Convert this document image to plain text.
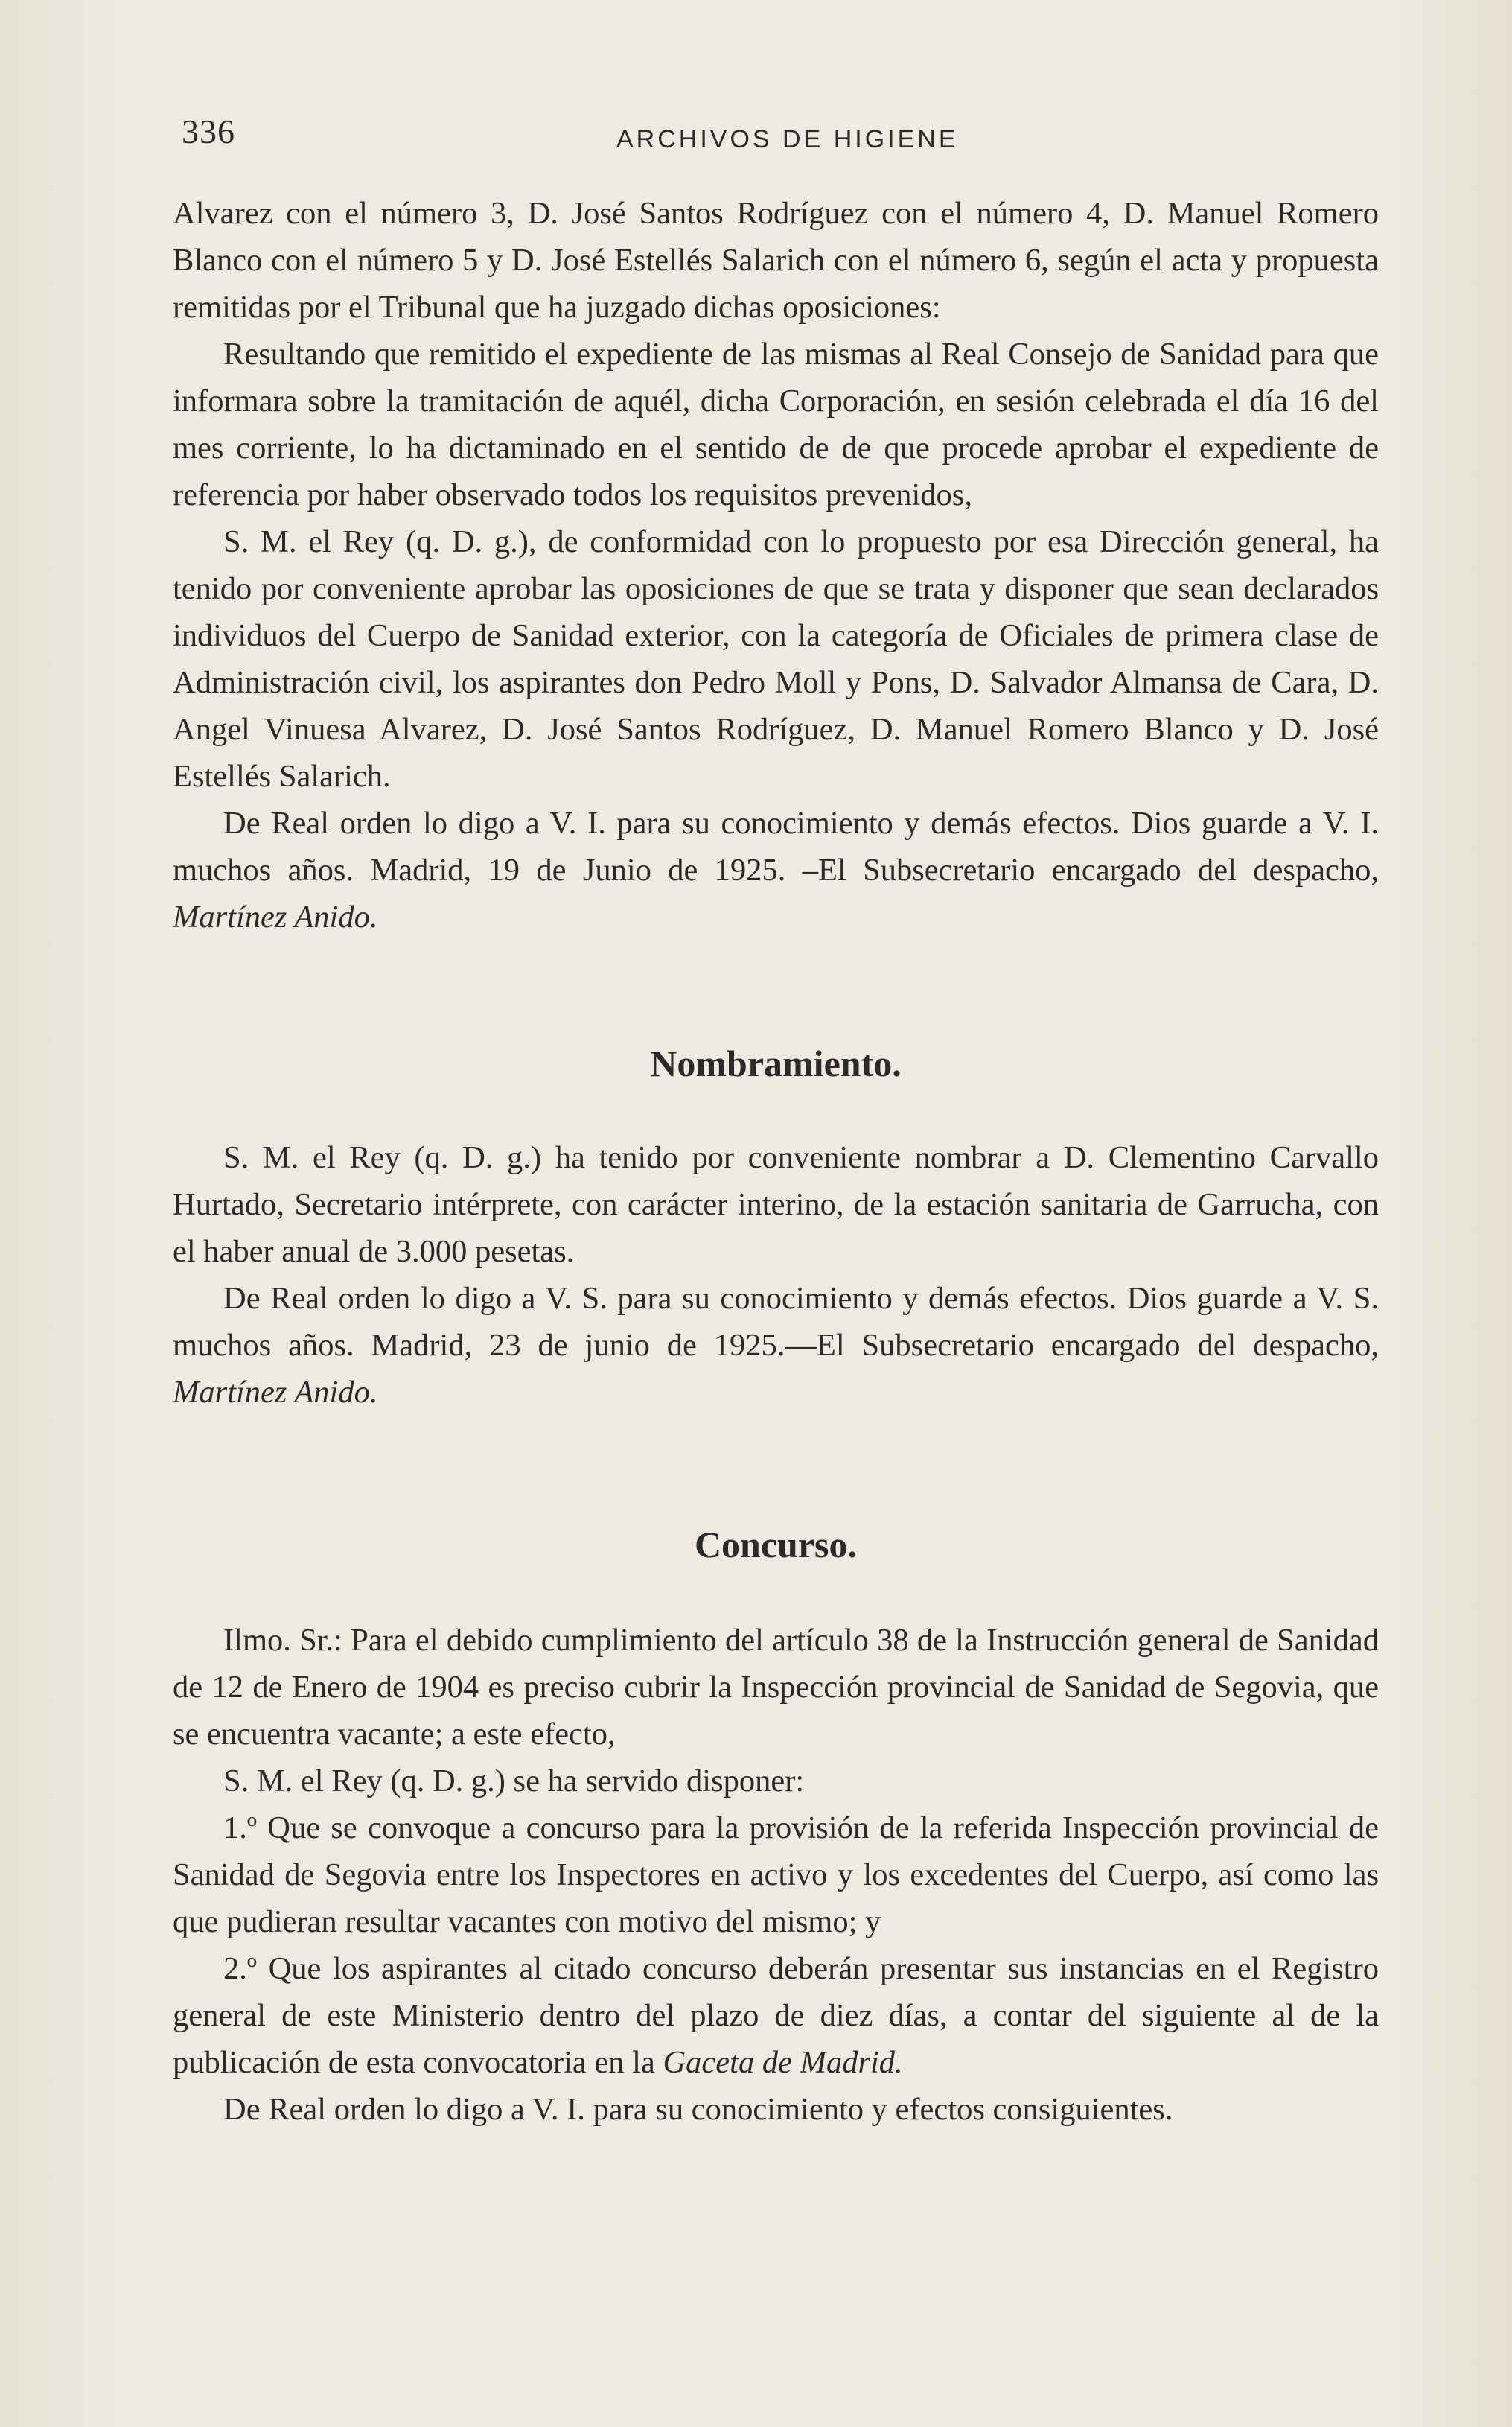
336	ARCHIVOS DE HIGIENE

Alvarez con el número 3, D. José Santos Rodríguez con el número 4, D. Manuel Romero Blanco con el número 5 y D. José Estellés Salarich con el número 6, según el acta y propuesta remitidas por el Tribunal que ha juzgado dichas oposiciones:

Resultando que remitido el expediente de las mismas al Real Consejo de Sanidad para que informara sobre la tramitación de aquél, dicha Corporación, en sesión celebrada el día 16 del mes corriente, lo ha dictaminado en el sentido de de que procede aprobar el expediente de referencia por haber observado todos los requisitos prevenidos,

S. M. el Rey (q. D. g.), de conformidad con lo propuesto por esa Dirección general, ha tenido por conveniente aprobar las oposiciones de que se trata y disponer que sean declarados individuos del Cuerpo de Sanidad exterior, con la categoría de Oficiales de primera clase de Administración civil, los aspirantes don Pedro Moll y Pons, D. Salvador Almansa de Cara, D. Angel Vinuesa Alvarez, D. José Santos Rodríguez, D. Manuel Romero Blanco y D. José Estellés Salarich.

De Real orden lo digo a V. I. para su conocimiento y demás efectos. Dios guarde a V. I. muchos años. Madrid, 19 de Junio de 1925. –El Subsecretario encargado del despacho, Martínez Anido.

Nombramiento.

S. M. el Rey (q. D. g.) ha tenido por conveniente nombrar a D. Clementino Carvallo Hurtado, Secretario intérprete, con carácter interino, de la estación sanitaria de Garrucha, con el haber anual de 3.000 pesetas.

De Real orden lo digo a V. S. para su conocimiento y demás efectos. Dios guarde a V. S. muchos años. Madrid, 23 de junio de 1925.—El Subsecretario encargado del despacho, Martínez Anido.

Concurso.

Ilmo. Sr.: Para el debido cumplimiento del artículo 38 de la Instrucción general de Sanidad de 12 de Enero de 1904 es preciso cubrir la Inspección provincial de Sanidad de Segovia, que se encuentra vacante; a este efecto,

S. M. el Rey (q. D. g.) se ha servido disponer:

1.º Que se convoque a concurso para la provisión de la referida Inspección provincial de Sanidad de Segovia entre los Inspectores en activo y los excedentes del Cuerpo, así como las que pudieran resultar vacantes con motivo del mismo; y

2.º Que los aspirantes al citado concurso deberán presentar sus instancias en el Registro general de este Ministerio dentro del plazo de diez días, a contar del siguiente al de la publicación de esta convocatoria en la Gaceta de Madrid.

De Real orden lo digo a V. I. para su conocimiento y efectos consiguientes.
